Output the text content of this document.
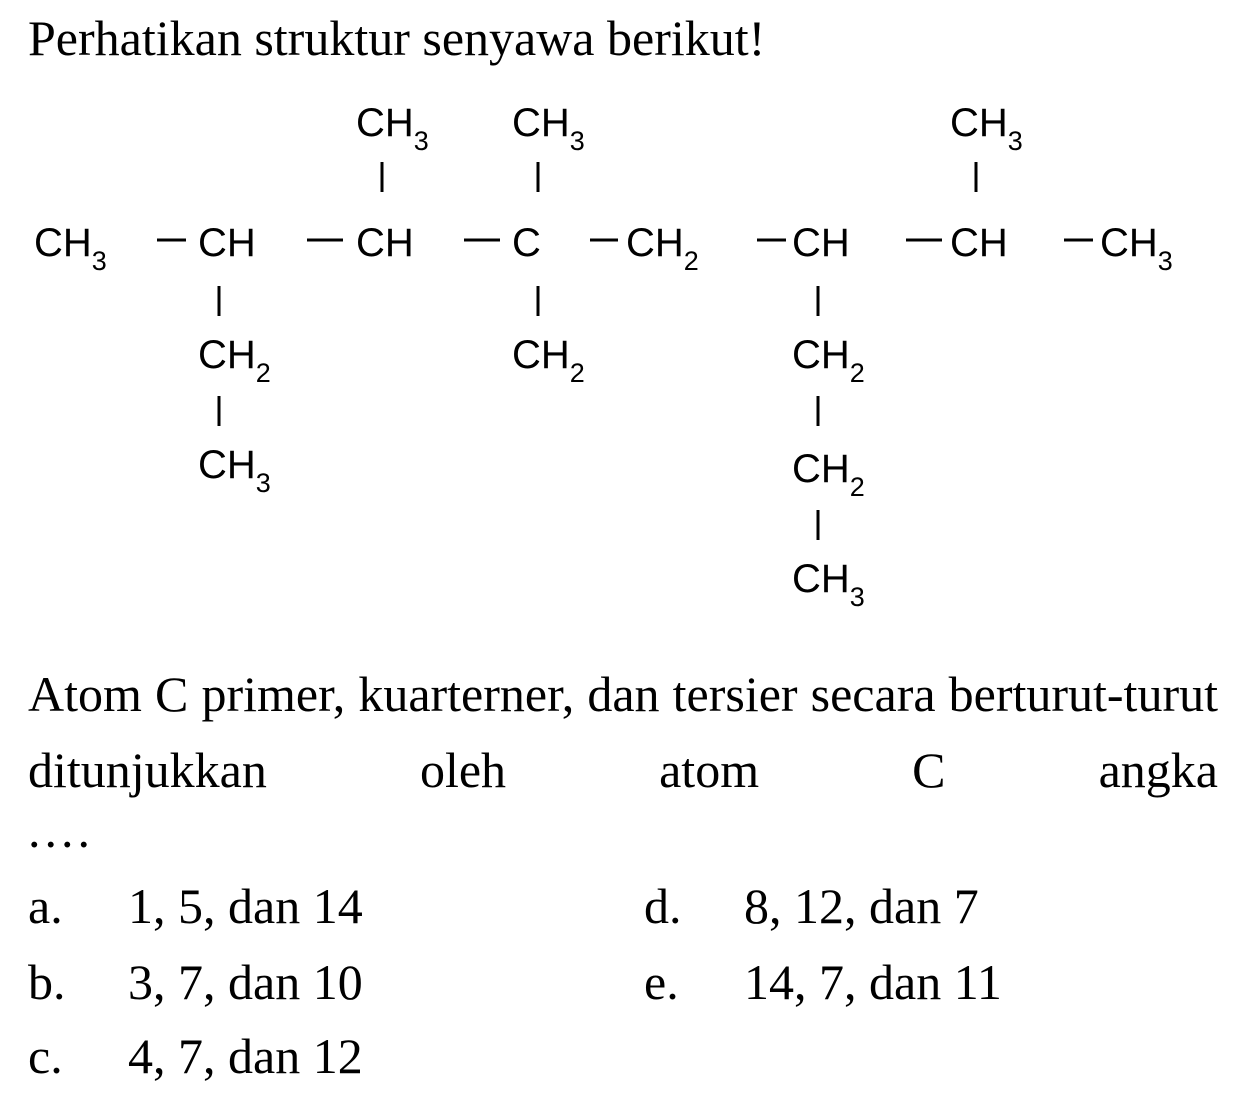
Perhatikan struktur senyawa berikut!
$CH_3$ CH	CH C $CH_2$ CH	CH $CH_3$
$CH_3$ $CH_3$	$CH_3$
$CH_2$
$CH_3$
$CH_2$	$CH_2$
$CH_2$
$CH_3$
Atom C primer, kuarterner, dan tersier secara berturut-turut ditunjukkan oleh atom C angka
....
a. 1, 5, dan 14
b. 3, 7, dan 10
c. 4, 7, dan 12
d. 8, 12, dan 7
e. 14, 7, dan 11
